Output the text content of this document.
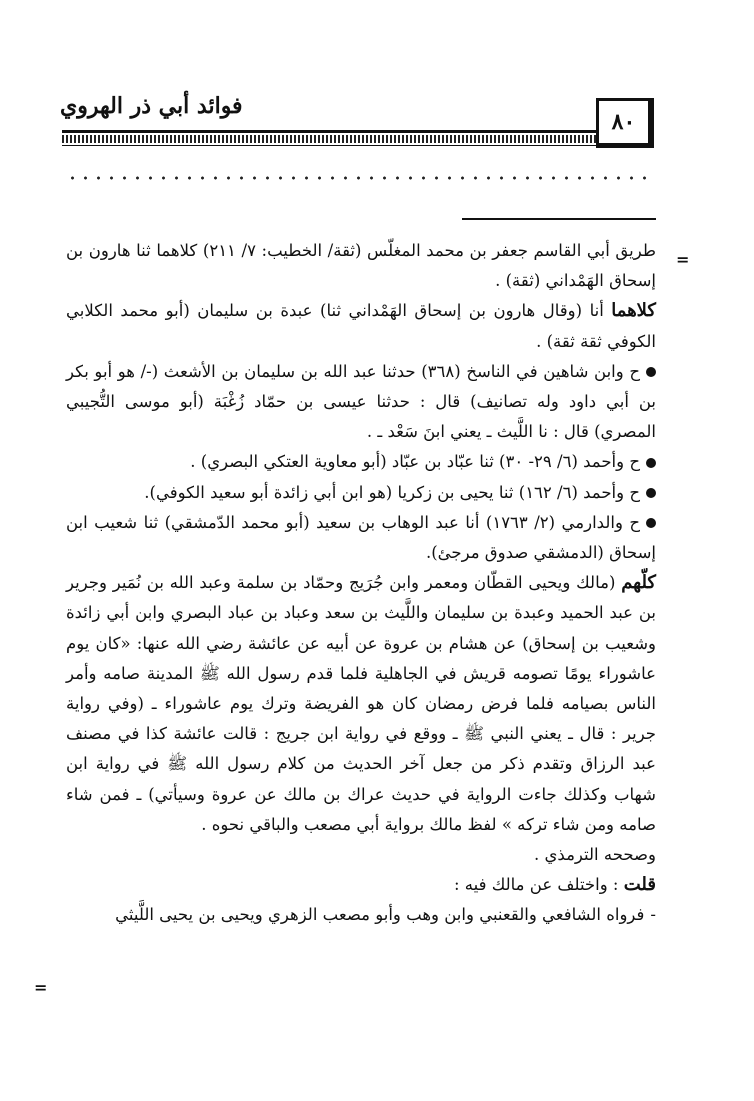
فوائد أبي ذر الهروي
٨٠
=
=

طريق أبي القاسم جعفر بن محمد المغلّس (ثقة/ الخطيب: ٧/ ٢١١) كلاهما ثنا هارون بن إسحاق الهَمْداني (ثقة) .

كلاهما أنا (وقال هارون بن إسحاق الهَمْداني ثنا) عبدة بن سليمان (أبو محمد الكلابي الكوفي ثقة ثقة) .

ح وابن شاهين في الناسخ (٣٦٨) حدثنا عبد الله بن سليمان بن الأشعث (-/ هو أبو بكر بن أبي داود وله تصانيف) قال : حدثنا عيسى بن حمّاد زُغْبَة (أبو موسى التُّجيبي المصري) قال : نا اللَّيث ـ يعني ابنَ سَعْد ـ .

ح وأحمد (٦/ ٢٩- ٣٠) ثنا عبّاد بن عبّاد (أبو معاوية العتكي البصري) .

ح وأحمد (٦/ ١٦٢) ثنا يحيى بن زكريا (هو ابن أبي زائدة أبو سعيد الكوفي).

ح والدارمي (٢/ ١٧٦٣) أنا عبد الوهاب بن سعيد (أبو محمد الدّمشقي) ثنا شعيب ابن إسحاق (الدمشقي صدوق مرجئ).

كلّهم (مالك ويحيى القطّان ومعمر وابن جُرَيج وحمّاد بن سلمة وعبد الله بن نُمَير وجرير بن عبد الحميد وعبدة بن سليمان واللَّيث بن سعد وعباد بن عباد البصري وابن أبي زائدة وشعيب بن إسحاق) عن هشام بن عروة عن أبيه عن عائشة رضي الله عنها: «كان يوم عاشوراء يومًا تصومه قريش في الجاهلية فلما قدم رسول الله ﷺ المدينة صامه وأمر الناس بصيامه فلما فرض رمضان كان هو الفريضة وترك يوم عاشوراء ـ (وفي رواية جرير : قال ـ يعني النبي ﷺ ـ ووقع في رواية ابن جريج : قالت عائشة كذا في مصنف عبد الرزاق وتقدم ذكر من جعل آخر الحديث من كلام رسول الله ﷺ في رواية ابن شهاب وكذلك جاءت الرواية في حديث عراك بن مالك عن عروة وسيأتي) ـ فمن شاء صامه ومن شاء تركه » لفظ مالك برواية أبي مصعب والباقي نحوه .

وصححه الترمذي .

قلت : واختلف عن مالك فيه :

-فرواه الشافعي والقعنبي وابن وهب وأبو مصعب الزهري ويحيى بن يحيى اللَّيثي
